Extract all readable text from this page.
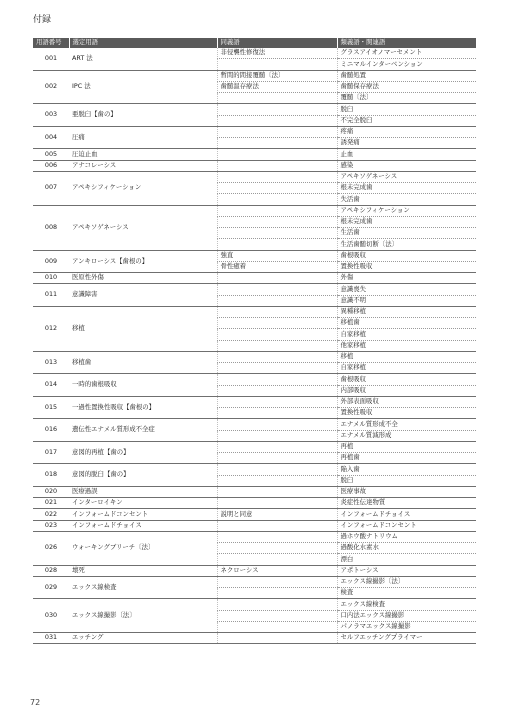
付録
用語番号	選定用語	同義語	類義語・関連語
001	ART 法	非侵襲性修復法	グラスアイオノマーセメント
			ミニマルインターベンション
002	IPC 法	暫間的間接覆髄〔法〕	歯髄処置
		歯髄温存療法	歯髄保存療法
			覆髄〔法〕
003	亜脱臼【歯の】		脱臼
			不完全脱臼
004	圧痛		疼痛
			誘発痛
005	圧迫止血		止血
006	アナコレーシス		感染
007	アペキシフィケーション		アペキソゲネーシス
			根未完成歯
			失活歯
008	アペキソゲネーシス		アペキシフィケーション
			根未完成歯
			生活歯
			生活歯髄切断〔法〕
009	アンキローシス【歯根の】	強直	歯根吸収
		骨性癒着	置換性吸収
010	医原性外傷		外傷
011	意識障害		意識喪失
			意識不明
012	移植		異種移植
			移植歯
			自家移植
			他家移植
013	移植歯		移植
			自家移植
014	一時的歯根吸収		歯根吸収
			内部吸収
015	一過性置換性吸収【歯根の】		外部表面吸収
			置換性吸収
016	遺伝性エナメル質形成不全症		エナメル質形成不全
			エナメル質減形成
017	意図的再植【歯の】		再植
			再植歯
018	意図的脱臼【歯の】		陥入歯
			脱臼
020	医療過誤		医療事故
021	インターロイキン		炎症性伝達物質
022	インフォームドコンセント	説明と同意	インフォームドチョイス
023	インフォームドチョイス		インフォームドコンセント
026	ウォーキングブリーチ〔法〕		過ホウ酸ナトリウム
			過酸化水素水
			漂白
028	壊死	ネクローシス	アポトーシス
029	エックス線検査		エックス線撮影〔法〕
			検査
030	エックス線撮影〔法〕		エックス線検査
			口内法エックス線撮影
			パノラマエックス線撮影
031	エッチング		セルフエッチングプライマー
72
